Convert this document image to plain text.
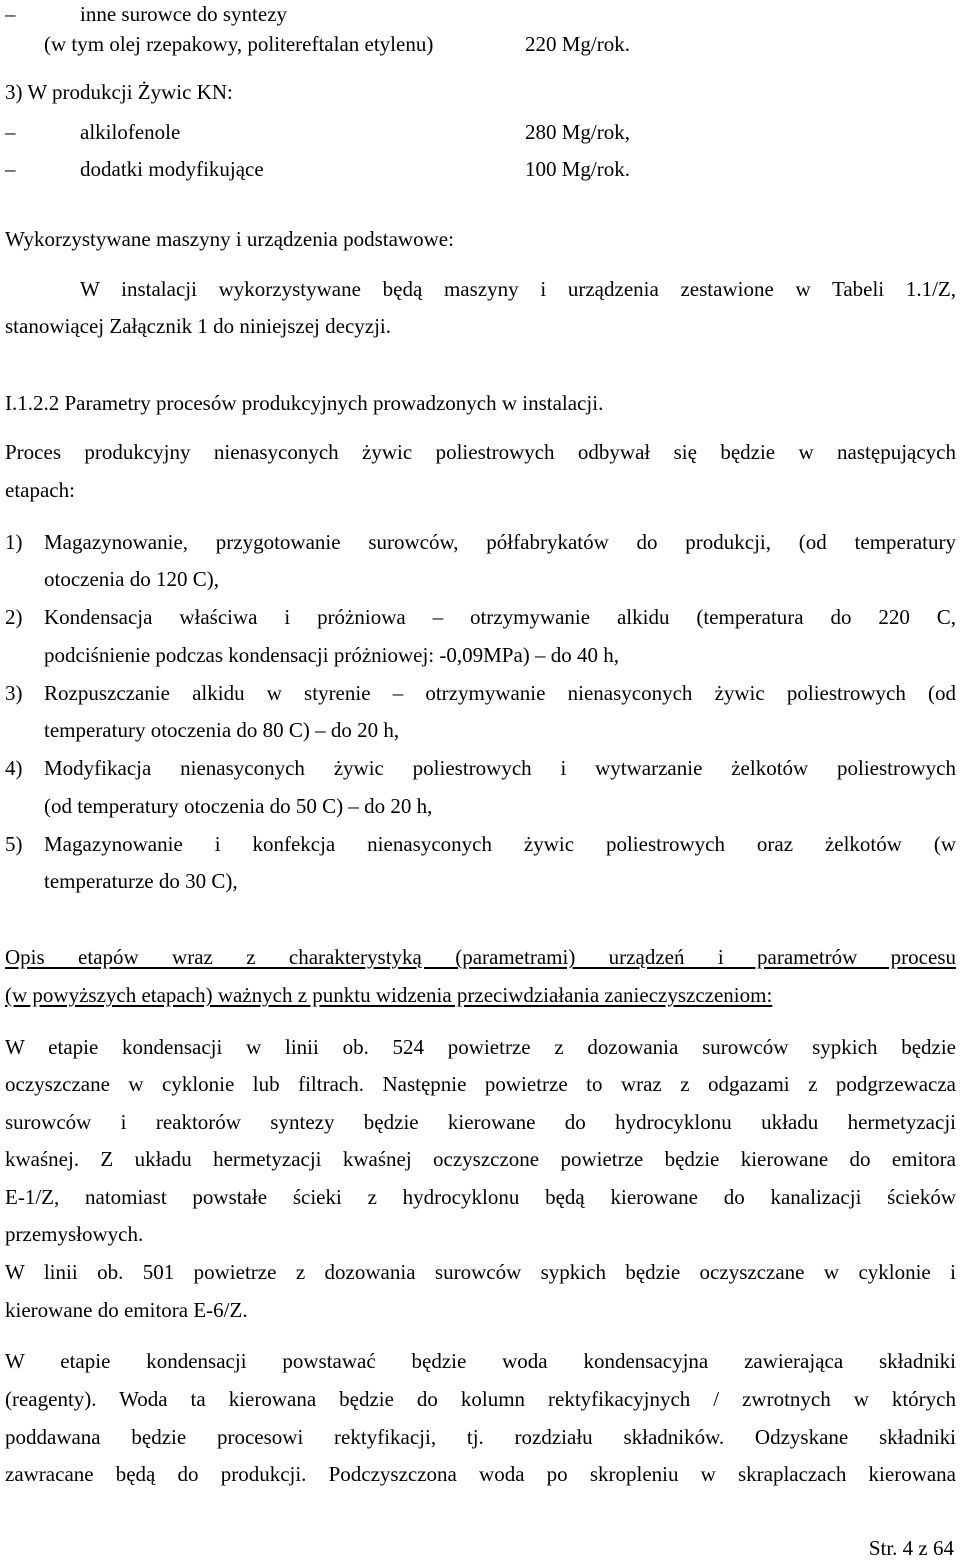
–	inne surowce do syntezy
(w tym olej rzepakowy, politereftalan etylenu)	220 Mg/rok.
3) W produkcji Żywic KN:
–	alkilofenole	280 Mg/rok,
–	dodatki modyfikujące	100 Mg/rok.
Wykorzystywane maszyny i urządzenia podstawowe:
W instalacji wykorzystywane będą maszyny i urządzenia zestawione w Tabeli 1.1/Z,
stanowiącej Załącznik 1 do niniejszej decyzji.
I.1.2.2 Parametry procesów produkcyjnych prowadzonych w instalacji.
Proces produkcyjny nienasyconych żywic poliestrowych odbywał się będzie w następujących
etapach:
1) Magazynowanie, przygotowanie surowców, półfabrykatów do produkcji, (od temperatury
otoczenia do 120 C),
2) Kondensacja właściwa i próżniowa – otrzymywanie alkidu (temperatura do 220 C,
podciśnienie podczas kondensacji próżniowej: -0,09MPa) – do 40 h,
3) Rozpuszczanie alkidu w styrenie – otrzymywanie nienasyconych żywic poliestrowych (od
temperatury otoczenia do 80 C) – do 20 h,
4) Modyfikacja nienasyconych żywic poliestrowych i wytwarzanie żelkotów poliestrowych
(od temperatury otoczenia do 50 C) – do 20 h,
5) Magazynowanie i konfekcja nienasyconych żywic poliestrowych oraz żelkotów (w
temperaturze do 30 C),
Opis etapów wraz z charakterystyką (parametrami) urządzeń i parametrów procesu
(w powyższych etapach) ważnych z punktu widzenia przeciwdziałania zanieczyszczeniom:
W etapie kondensacji w linii ob. 524 powietrze z dozowania surowców sypkich będzie
oczyszczane w cyklonie lub filtrach. Następnie powietrze to wraz z odgazami z podgrzewacza
surowców i reaktorów syntezy będzie kierowane do hydrocyklonu układu hermetyzacji
kwaśnej. Z układu hermetyzacji kwaśnej oczyszczone powietrze będzie kierowane do emitora
E-1/Z, natomiast powstałe ścieki z hydrocyklonu będą kierowane do kanalizacji ścieków
przemysłowych.
W linii ob. 501 powietrze z dozowania surowców sypkich będzie oczyszczane w cyklonie i
kierowane do emitora E-6/Z.
W etapie kondensacji powstawać będzie woda kondensacyjna zawierająca składniki
(reagenty). Woda ta kierowana będzie do kolumn rektyfikacyjnych / zwrotnych w których
poddawana będzie procesowi rektyfikacji, tj. rozdziału składników. Odzyskane składniki
zawracane będą do produkcji. Podczyszczona woda po skropleniu w skraplaczach kierowana
Str. 4 z 64
